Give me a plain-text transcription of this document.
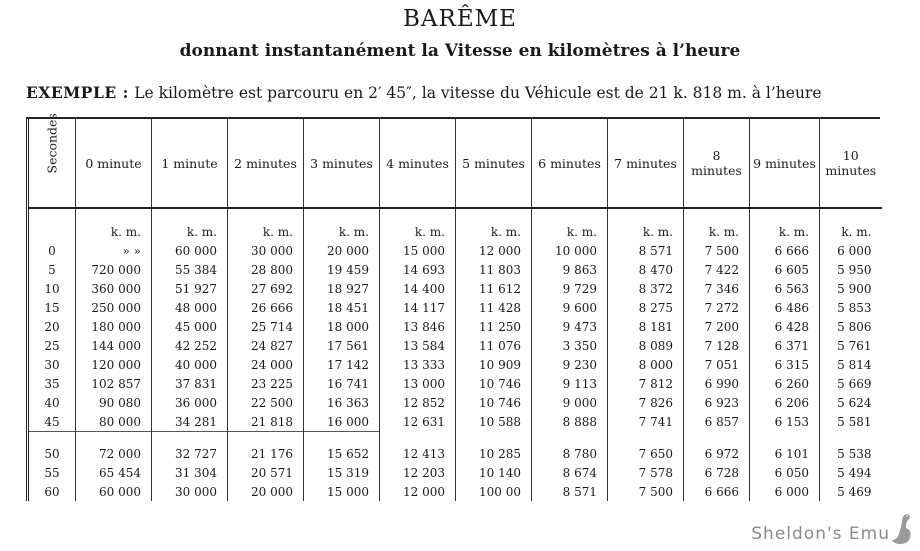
BARÊME
donnant instantanément la Vitesse en kilomètres à l’heure
EXEMPLE : Le kilomètre est parcouru en 2′ 45″, la vitesse du Véhicule est de 21 k. 818 m. à l’heure
Secondes	0 minute	1 minute	2 minutes	3 minutes	4 minutes	5 minutes	6 minutes	7 minutes	8 minutes	9 minutes	10 minutes
	k. m.	k. m.	k. m.	k. m.	k. m.	k. m.	k. m.	k. m.	k. m.	k. m.	k. m.
0	» »	60 000	30 000	20 000	15 000	12 000	10 000	8 571	7 500	6 666	6 000
5	720 000	55 384	28 800	19 459	14 693	11 803	9 863	8 470	7 422	6 605	5 950
10	360 000	51 927	27 692	18 927	14 400	11 612	9 729	8 372	7 346	6 563	5 900
15	250 000	48 000	26 666	18 451	14 117	11 428	9 600	8 275	7 272	6 486	5 853
20	180 000	45 000	25 714	18 000	13 846	11 250	9 473	8 181	7 200	6 428	5 806
25	144 000	42 252	24 827	17 561	13 584	11 076	3 350	8 089	7 128	6 371	5 761
30	120 000	40 000	24 000	17 142	13 333	10 909	9 230	8 000	7 051	6 315	5 814
35	102 857	37 831	23 225	16 741	13 000	10 746	9 113	7 812	6 990	6 260	5 669
40	90 080	36 000	22 500	16 363	12 852	10 746	9 000	7 826	6 923	6 206	5 624
45	80 000	34 281	21 818	16 000	12 631	10 588	8 888	7 741	6 857	6 153	5 581

50	72 000	32 727	21 176	15 652	12 413	10 285	8 780	7 650	6 972	6 101	5 538
55	65 454	31 304	20 571	15 319	12 203	10 140	8 674	7 578	6 728	6 050	5 494
60	60 000	30 000	20 000	15 000	12 000	100 00	8 571	7 500	6 666	6 000	5 469
Sheldon's Emu
